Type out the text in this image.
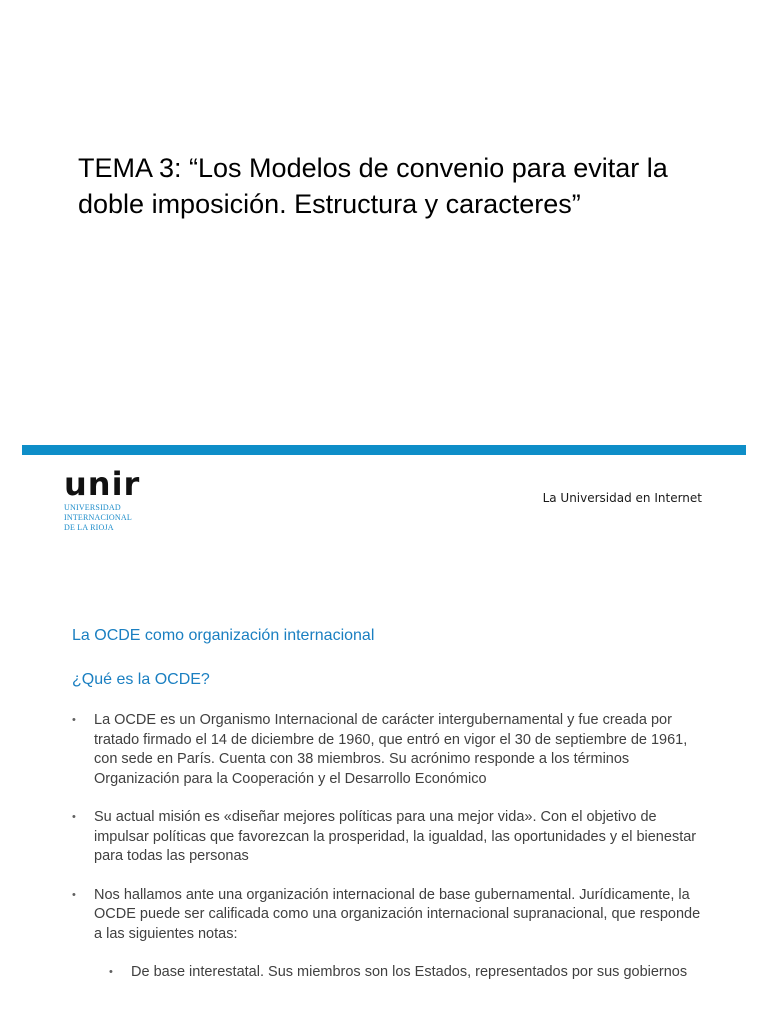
TEMA 3: “Los Modelos de convenio para evitar la doble imposición. Estructura y caracteres”
unir
UNIVERSIDAD
INTERNACIONAL
DE LA RIOJA
La Universidad en Internet
La OCDE como organización internacional
¿Qué es la OCDE?
• La OCDE es un Organismo Internacional de carácter intergubernamental y fue creada por tratado firmado el 14 de diciembre de 1960, que entró en vigor el 30 de septiembre de 1961, con sede en París. Cuenta con 38 miembros. Su acrónimo responde a los términos Organización para la Cooperación y el Desarrollo Económico
• Su actual misión es «diseñar mejores políticas para una mejor vida». Con el objetivo de impulsar políticas que favorezcan la prosperidad, la igualdad, las oportunidades y el bienestar para todas las personas
• Nos hallamos ante una organización internacional de base gubernamental. Jurídicamente, la OCDE puede ser calificada como una organización internacional supranacional, que responde a las siguientes notas:
• De base interestatal. Sus miembros son los Estados, representados por sus gobiernos
